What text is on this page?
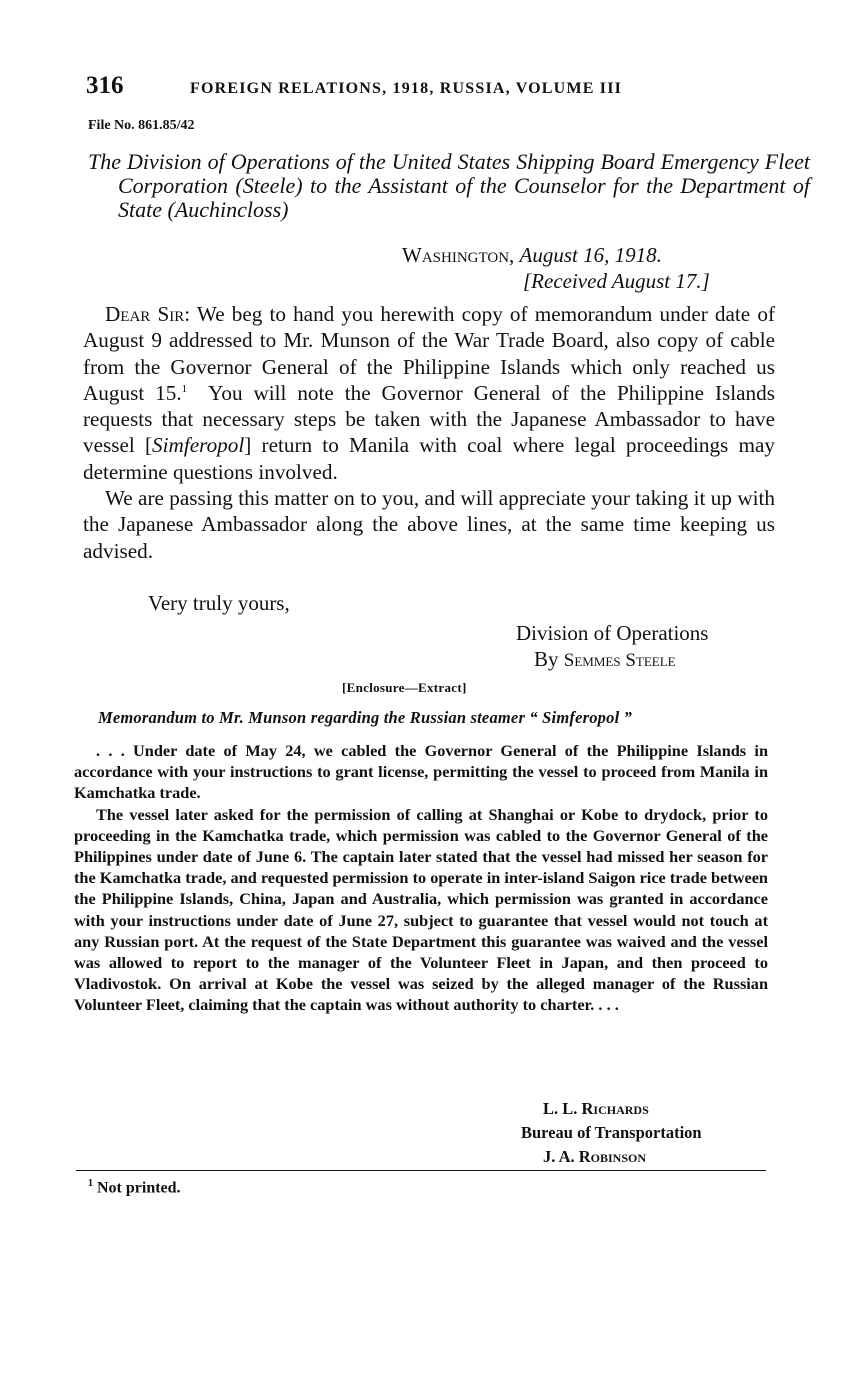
316	FOREIGN RELATIONS, 1918, RUSSIA, VOLUME III
File No. 861.85/42
The Division of Operations of the United States Shipping Board Emergency Fleet Corporation (Steele) to the Assistant of the Counselor for the Department of State (Auchincloss)
Washington, August 16, 1918.
[Received August 17.]

Dear Sir: We beg to hand you herewith copy of memorandum under date of August 9 addressed to Mr. Munson of the War Trade Board, also copy of cable from the Governor General of the Philippine Islands which only reached us August 15.$^1$ You will note the Governor General of the Philippine Islands requests that necessary steps be taken with the Japanese Ambassador to have vessel [Simferopol] return to Manila with coal where legal proceedings may determine questions involved.

We are passing this matter on to you, and will appreciate your taking it up with the Japanese Ambassador along the above lines, at the same time keeping us advised.

Very truly yours,
Division of Operations
By Semmes Steele
[Enclosure—Extract]
Memorandum to Mr. Munson regarding the Russian steamer “ Simferopol ”

. . . Under date of May 24, we cabled the Governor General of the Philippine Islands in accordance with your instructions to grant license, permitting the vessel to proceed from Manila in Kamchatka trade.

The vessel later asked for the permission of calling at Shanghai or Kobe to drydock, prior to proceeding in the Kamchatka trade, which permission was cabled to the Governor General of the Philippines under date of June 6. The captain later stated that the vessel had missed her season for the Kamchatka trade, and requested permission to operate in inter-island Saigon rice trade between the Philippine Islands, China, Japan and Australia, which permission was granted in accordance with your instructions under date of June 27, subject to guarantee that vessel would not touch at any Russian port. At the request of the State Department this guarantee was waived and the vessel was allowed to report to the manager of the Volunteer Fleet in Japan, and then proceed to Vladivostok. On arrival at Kobe the vessel was seized by the alleged manager of the Russian Volunteer Fleet, claiming that the captain was without authority to charter. . . .

L. L. Richards
Bureau of Transportation
J. A. Robinson
$^1$ Not printed.
